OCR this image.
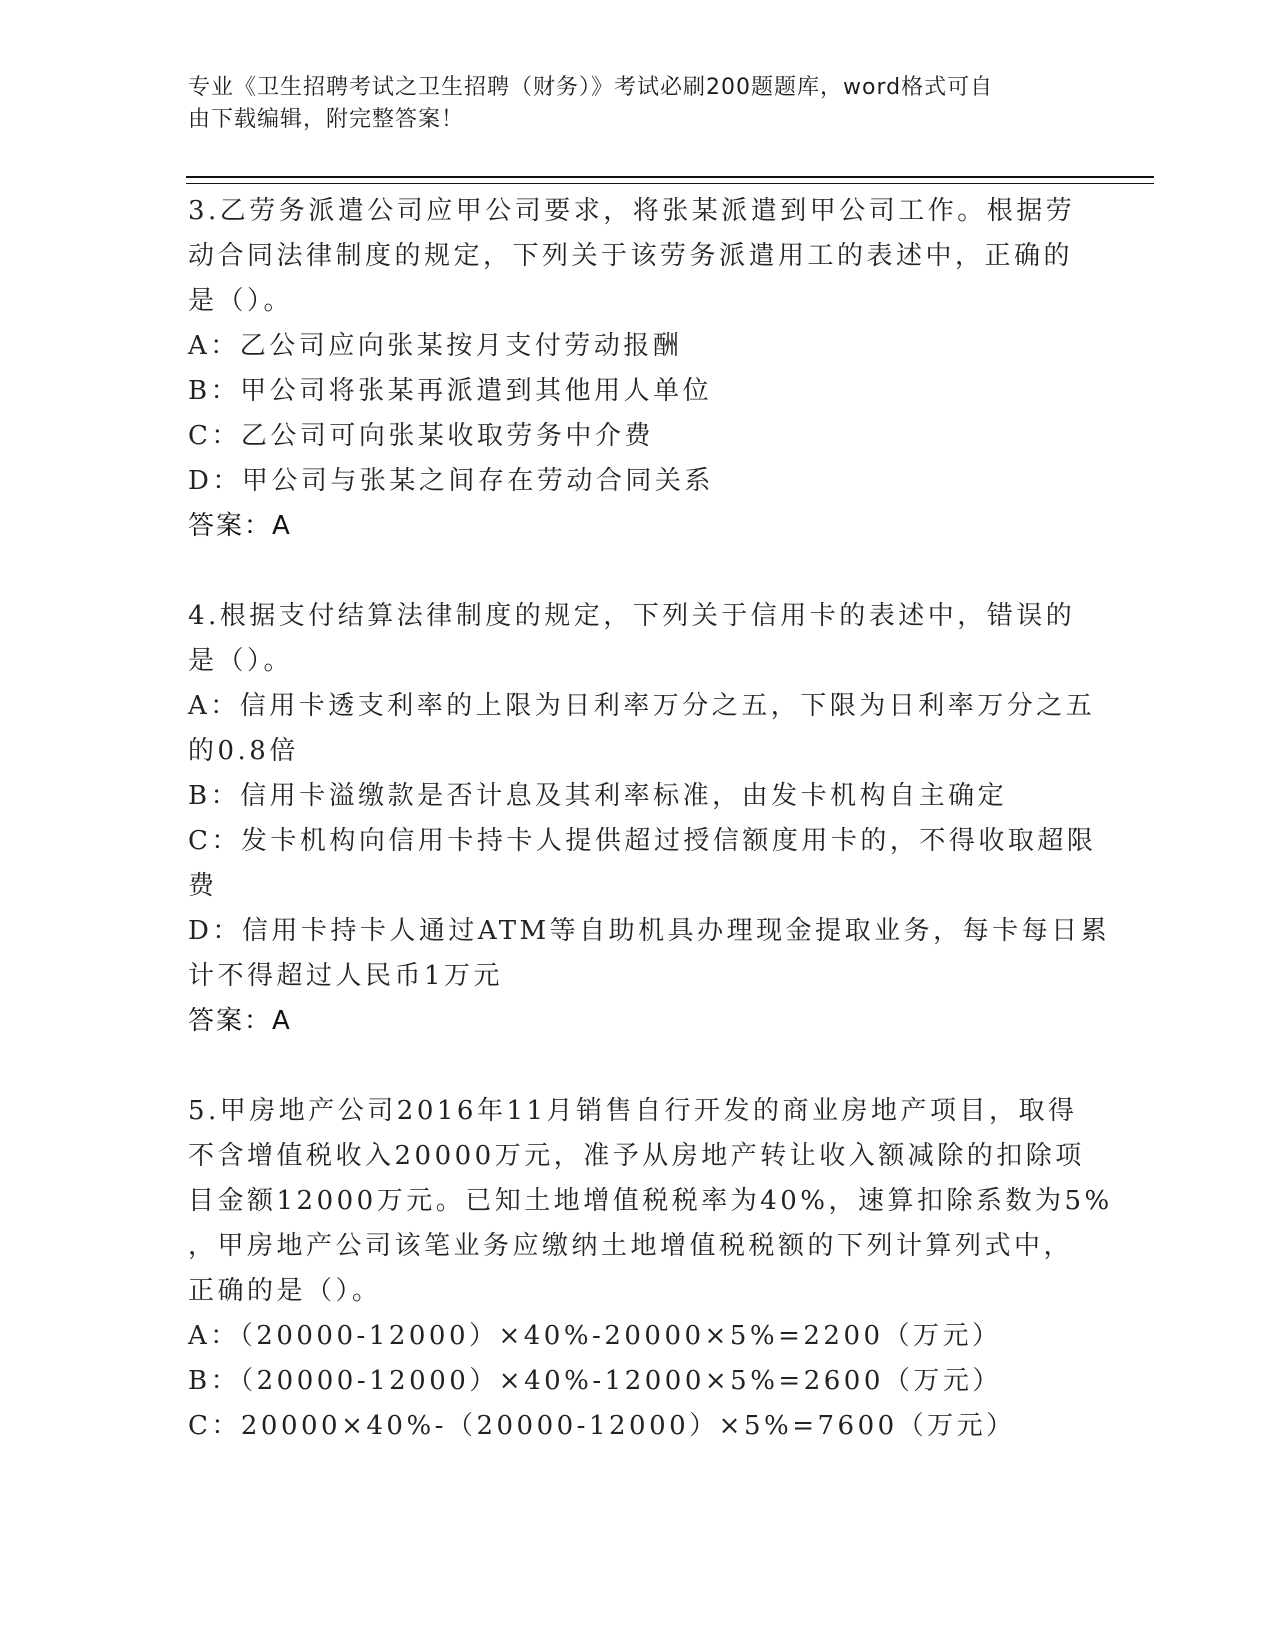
专业《卫生招聘考试之卫生招聘（财务）》考试必刷200题题库，word格式可自
由下载编辑，附完整答案！
3.乙劳务派遣公司应甲公司要求，将张某派遣到甲公司工作。根据劳
动合同法律制度的规定，下列关于该劳务派遣用工的表述中，正确的
是（）。
A：乙公司应向张某按月支付劳动报酬
B：甲公司将张某再派遣到其他用人单位
C：乙公司可向张某收取劳务中介费
D：甲公司与张某之间存在劳动合同关系
答案：A
4.根据支付结算法律制度的规定，下列关于信用卡的表述中，错误的
是（）。
A：信用卡透支利率的上限为日利率万分之五，下限为日利率万分之五
的0.8倍
B：信用卡溢缴款是否计息及其利率标准，由发卡机构自主确定
C：发卡机构向信用卡持卡人提供超过授信额度用卡的，不得收取超限
费
D：信用卡持卡人通过ATM等自助机具办理现金提取业务，每卡每日累
计不得超过人民币1万元
答案：A
5.甲房地产公司2016年11月销售自行开发的商业房地产项目，取得
不含增值税收入20000万元，准予从房地产转让收入额减除的扣除项
目金额12000万元。已知土地增值税税率为40%，速算扣除系数为5%
，甲房地产公司该笔业务应缴纳土地增值税税额的下列计算列式中，
正确的是（）。
A：（20000-12000）×40%-20000×5%=2200（万元）
B：（20000-12000）×40%-12000×5%=2600（万元）
C：20000×40%-（20000-12000）×5%=7600（万元）
